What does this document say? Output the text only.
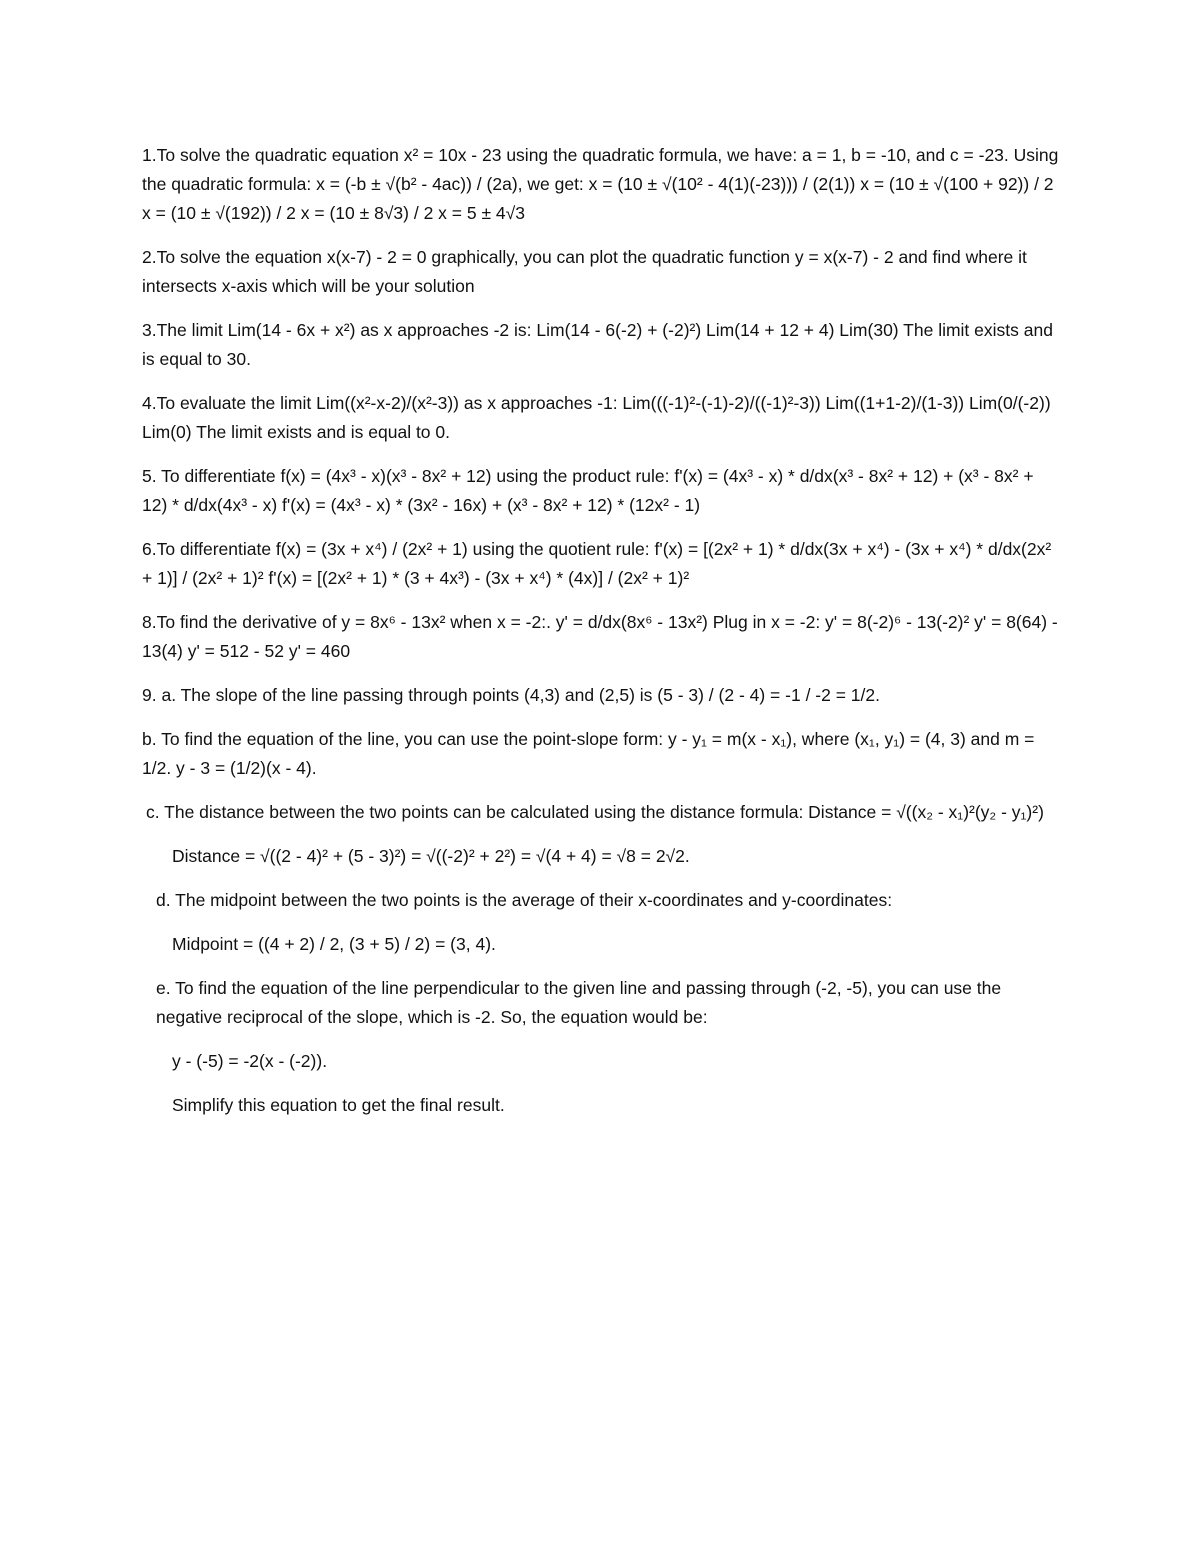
1.To solve the quadratic equation x² = 10x - 23 using the quadratic formula, we have: a = 1, b = -10, and c = -23. Using the quadratic formula: x = (-b ± √(b² - 4ac)) / (2a), we get: x = (10 ± √(10² - 4(1)(-23))) / (2(1)) x = (10 ± √(100 + 92)) / 2 x = (10 ± √(192)) / 2 x = (10 ± 8√3) / 2 x = 5 ± 4√3

2.To solve the equation x(x-7) - 2 = 0 graphically, you can plot the quadratic function y = x(x-7) - 2 and find where it intersects x-axis which will be your solution

3.The limit Lim(14 - 6x + x²) as x approaches -2 is: Lim(14 - 6(-2) + (-2)²) Lim(14 + 12 + 4) Lim(30) The limit exists and is equal to 30.

4.To evaluate the limit Lim((x²-x-2)/(x²-3)) as x approaches -1: Lim(((-1)²-(-1)-2)/((-1)²-3)) Lim((1+1-2)/(1-3)) Lim(0/(-2)) Lim(0) The limit exists and is equal to 0.

5. To differentiate f(x) = (4x³ - x)(x³ - 8x² + 12) using the product rule: f'(x) = (4x³ - x) * d/dx(x³ - 8x² + 12) + (x³ - 8x² + 12) * d/dx(4x³ - x) f'(x) = (4x³ - x) * (3x² - 16x) + (x³ - 8x² + 12) * (12x² - 1)

6.To differentiate f(x) = (3x + x⁴) / (2x² + 1) using the quotient rule: f'(x) = [(2x² + 1) * d/dx(3x + x⁴) - (3x + x⁴) * d/dx(2x² + 1)] / (2x² + 1)² f'(x) = [(2x² + 1) * (3 + 4x³) - (3x + x⁴) * (4x)] / (2x² + 1)²

8.To find the derivative of y = 8x⁶ - 13x² when x = -2:. y' = d/dx(8x⁶ - 13x²) Plug in x = -2: y' = 8(-2)⁶ - 13(-2)² y' = 8(64) - 13(4) y' = 512 - 52 y' = 460

9. a. The slope of the line passing through points (4,3) and (2,5) is (5 - 3) / (2 - 4) = -1 / -2 = 1/2.

b. To find the equation of the line, you can use the point-slope form: y - y₁ = m(x - x₁), where (x₁, y₁) = (4, 3) and m = 1/2. y - 3 = (1/2)(x - 4).

c. The distance between the two points can be calculated using the distance formula: Distance = √((x₂ - x₁)²(y₂ - y₁)²)

Distance = √((2 - 4)² + (5 - 3)²) = √((-2)² + 2²) = √(4 + 4) = √8 = 2√2.

d. The midpoint between the two points is the average of their x-coordinates and y-coordinates:

Midpoint = ((4 + 2) / 2, (3 + 5) / 2) = (3, 4).

e. To find the equation of the line perpendicular to the given line and passing through (-2, -5), you can use the negative reciprocal of the slope, which is -2. So, the equation would be:

y - (-5) = -2(x - (-2)).

Simplify this equation to get the final result.
